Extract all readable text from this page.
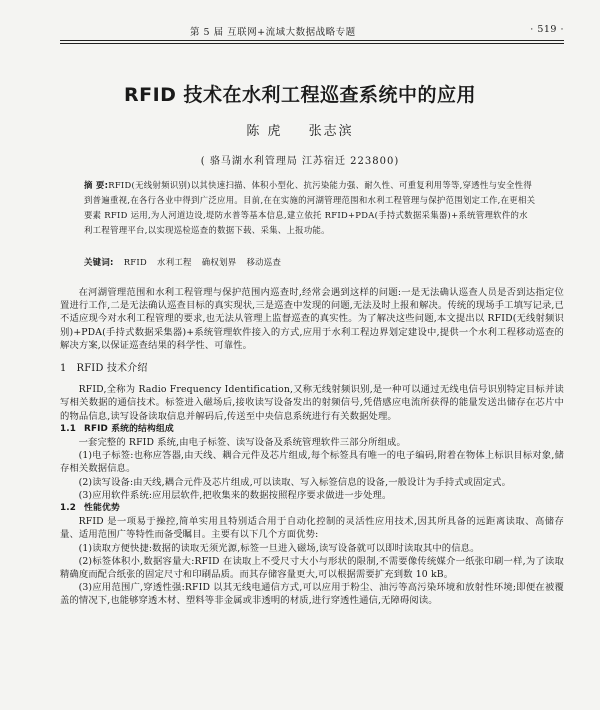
第 5 届 互联网+流域大数据战略专题	· 519 ·
RFID 技术在水利工程巡查系统中的应用
陈 虎 张志滨
( 骆马湖水利管理局 江苏宿迁 223800)
摘 要:RFID(无线射频识别)以其快速扫描、体积小型化、抗污染能力强、耐久性、可重复利用等等,穿透性与安全性得到普遍重视,在各行各业中得到广泛应用。目前,在在实施的河湖管理范围和水利工程管理与保护范围划定工作,在更相关要素 RFID 运用,为人河道边设,堤防水普等基本信息,建立依托 RFID+PDA(手持式数据采集器)+系统管理软件的水利工程管理平台,以实现巡检巡查的数据下载、采集、上报功能。
关键词: RFID 水利工程 确权划界 移动巡查

在河湖管理范围和水利工程管理与保护范围内巡查时,经常会遇到这样的问题:一是无法确认巡查人员是否到达指定位置进行工作,二是无法确认巡查目标的真实现状,三是巡查中发现的问题,无法及时上报和解决。传统的现场手工填写记录,已不适应现今对水利工程管理的要求,也无法从管理上监督巡查的真实性。为了解决这些问题,本文提出以 RFID(无线射频识别)+PDA(手持式数据采集器)+系统管理软件接入的方式,应用于水利工程边界划定建设中,提供一个水利工程移动巡查的解决方案,以保证巡查结果的科学性、可靠性。

1 RFID 技术介绍

RFID,全称为 Radio Frequency Identification,又称无线射频识别,是一种可以通过无线电信号识别特定目标并读写相关数据的通信技术。标签进入磁场后,接收读写设备发出的射频信号,凭借感应电流所获得的能量发送出储存在芯片中的物品信息,读写设备读取信息并解码后,传送至中央信息系统进行有关数据处理。

1.1 RFID 系统的结构组成

一套完整的 RFID 系统,由电子标签、读写设备及系统管理软件三部分所组成。

(1)电子标签:也称应答器,由天线、耦合元件及芯片组成,每个标签具有唯一的电子编码,附着在物体上标识目标对象,储存相关数据信息。

(2)读写设备:由天线,耦合元件及芯片组成,可以读取、写入标签信息的设备,一般设计为手持式或固定式。

(3)应用软件系统:应用层软件,把收集来的数据按照程序要求做进一步处理。

1.2 性能优势

RFID 是一项易于操控,简单实用且特别适合用于自动化控制的灵活性应用技术,因其所具备的远距离读取、高储存量、适用范围广等特性而备受瞩目。主要有以下几个方面优势:

(1)读取方便快捷:数据的读取无须光源,标签一旦进入磁场,读写设备就可以即时读取其中的信息。

(2)标签体积小,数据容量大:RFID 在读取上不受尺寸大小与形状的限制,不需要像传统媒介一纸张印刷一样,为了读取精确度而配合纸张的固定尺寸和印刷品质。而其存储容量更大,可以根据需要扩充到数 10 kB。

(3)应用范围广,穿透性强:RFID 以其无线电通信方式,可以应用于粉尘、油污等高污染环境和放射性环境;即便在被覆盖的情况下,也能够穿透木材、塑料等非金属或非透明的材质,进行穿透性通信,无障碍阅读。
